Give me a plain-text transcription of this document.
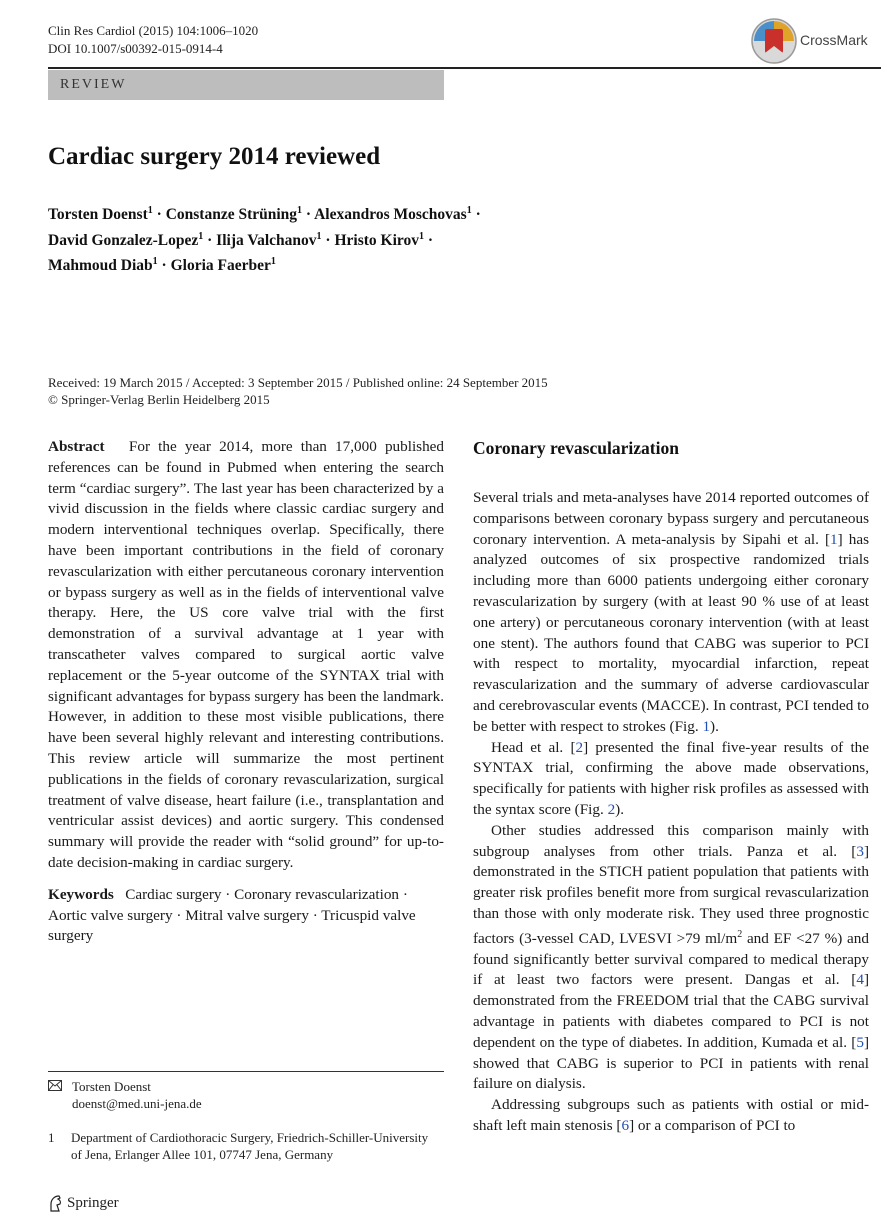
Clin Res Cardiol (2015) 104:1006–1020
DOI 10.1007/s00392-015-0914-4
CrossMark
REVIEW
Cardiac surgery 2014 reviewed
Torsten Doenst$^1$ · Constanze Strüning$^1$ · Alexandros Moschovas$^1$ ·
David Gonzalez-Lopez$^1$ · Ilija Valchanov$^1$ · Hristo Kirov$^1$ ·
Mahmoud Diab$^1$ · Gloria Faerber$^1$
Received: 19 March 2015 / Accepted: 3 September 2015 / Published online: 24 September 2015
© Springer-Verlag Berlin Heidelberg 2015

Abstract For the year 2014, more than 17,000 published references can be found in Pubmed when entering the search term “cardiac surgery”. The last year has been characterized by a vivid discussion in the fields where classic cardiac surgery and modern interventional techniques overlap. Specifically, there have been important contributions in the field of coronary revascularization with either percutaneous coronary intervention or bypass surgery as well as in the fields of interventional valve therapy. Here, the US core valve trial with the first demonstration of a survival advantage at 1 year with transcatheter valves compared to surgical aortic valve replacement or the 5-year outcome of the SYNTAX trial with significant advantages for bypass surgery has been the landmark. However, in addition to these most visible publications, there have been several highly relevant and interesting contributions. This review article will summarize the most pertinent publications in the fields of coronary revascularization, surgical treatment of valve disease, heart failure (i.e., transplantation and ventricular assist devices) and aortic surgery. This condensed summary will provide the reader with “solid ground” for up-to-date decision-making in cardiac surgery.

Keywords Cardiac surgery · Coronary revascularization · Aortic valve surgery · Mitral valve surgery · Tricuspid valve surgery

Torsten Doenst
doenst@med.uni-jena.de
1 Department of Cardiothoracic Surgery, Friedrich-Schiller-University of Jena, Erlanger Allee 101, 07747 Jena, Germany
Springer

Coronary revascularization

Several trials and meta-analyses have 2014 reported outcomes of comparisons between coronary bypass surgery and percutaneous coronary intervention. A meta-analysis by Sipahi et al. [1] has analyzed outcomes of six prospective randomized trials including more than 6000 patients undergoing either coronary revascularization by surgery (with at least 90 % use of at least one artery) or percutaneous coronary intervention (with at least one stent). The authors found that CABG was superior to PCI with respect to mortality, myocardial infarction, repeat revascularization and the summary of adverse cardiovascular and cerebrovascular events (MACCE). In contrast, PCI tended to be better with respect to strokes (Fig. 1).

Head et al. [2] presented the final five-year results of the SYNTAX trial, confirming the above made observations, specifically for patients with higher risk profiles as assessed with the syntax score (Fig. 2).

Other studies addressed this comparison mainly with subgroup analyses from other trials. Panza et al. [3] demonstrated in the STICH patient population that patients with greater risk profiles benefit more from surgical revascularization than those with only moderate risk. They used three prognostic factors (3-vessel CAD, LVESVI >79 $ml/m^2$ and EF <27 %) and found significantly better survival compared to medical therapy if at least two factors were present. Dangas et al. [4] demonstrated from the FREEDOM trial that the CABG survival advantage in patients with diabetes compared to PCI is not dependent on the type of diabetes. In addition, Kumada et al. [5] showed that CABG is superior to PCI in patients with renal failure on dialysis.

Addressing subgroups such as patients with ostial or mid-shaft left main stenosis [6] or a comparison of PCI to
